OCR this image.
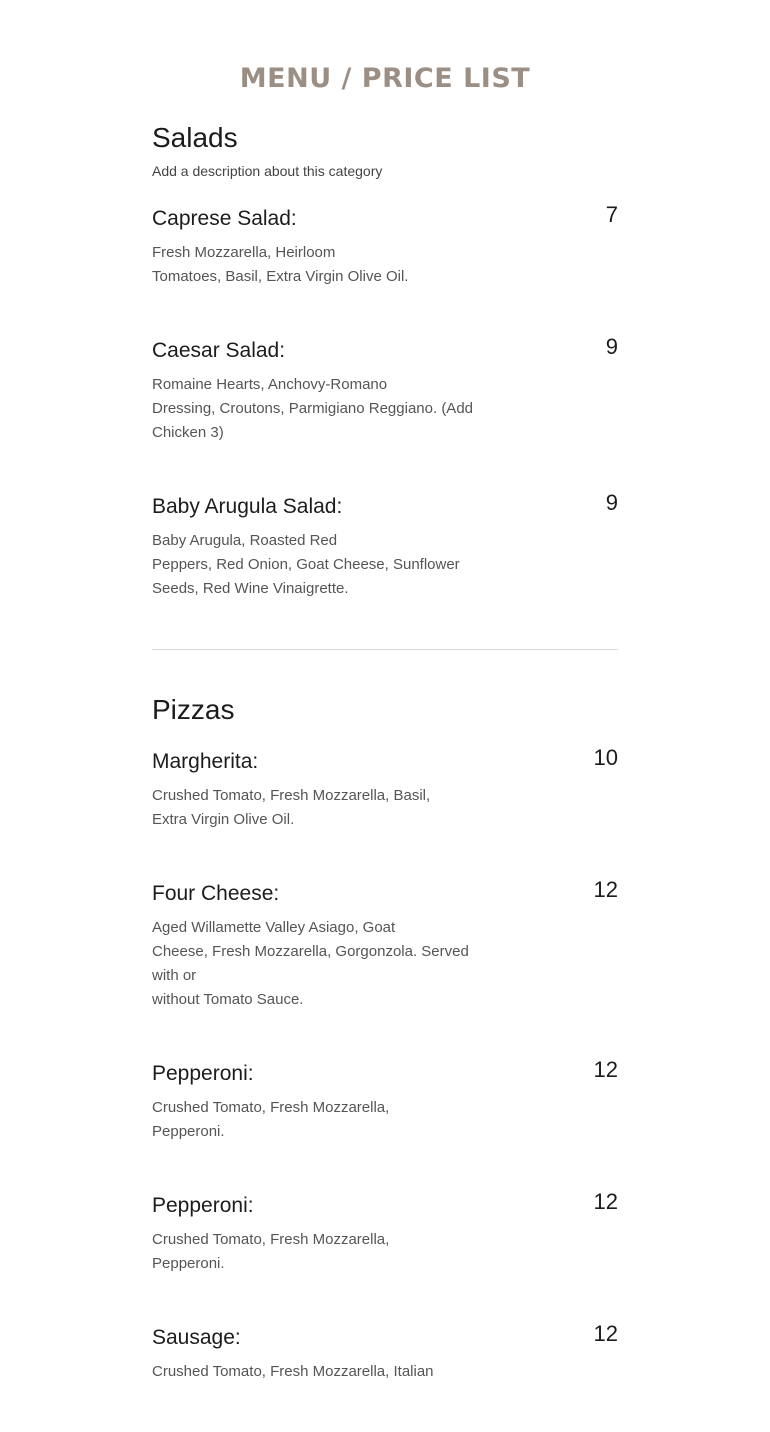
MENU / PRICE LIST
Salads
Add a description about this category
Caprese Salad:	7
Fresh Mozzarella, Heirloom
Tomatoes, Basil, Extra Virgin Olive Oil.
Caesar Salad:	9
Romaine Hearts, Anchovy-Romano
Dressing, Croutons, Parmigiano Reggiano. (Add
Chicken 3)
Baby Arugula Salad:	9
Baby Arugula, Roasted Red
Peppers, Red Onion, Goat Cheese, Sunflower
Seeds, Red Wine Vinaigrette.
Pizzas
Margherita:	10
Crushed Tomato, Fresh Mozzarella, Basil,
Extra Virgin Olive Oil.
Four Cheese:	12
Aged Willamette Valley Asiago, Goat
Cheese, Fresh Mozzarella, Gorgonzola. Served
with or
without Tomato Sauce.
Pepperoni:	12
Crushed Tomato, Fresh Mozzarella,
Pepperoni.
Pepperoni:	12
Crushed Tomato, Fresh Mozzarella,
Pepperoni.
Sausage:	12
Crushed Tomato, Fresh Mozzarella, Italian
